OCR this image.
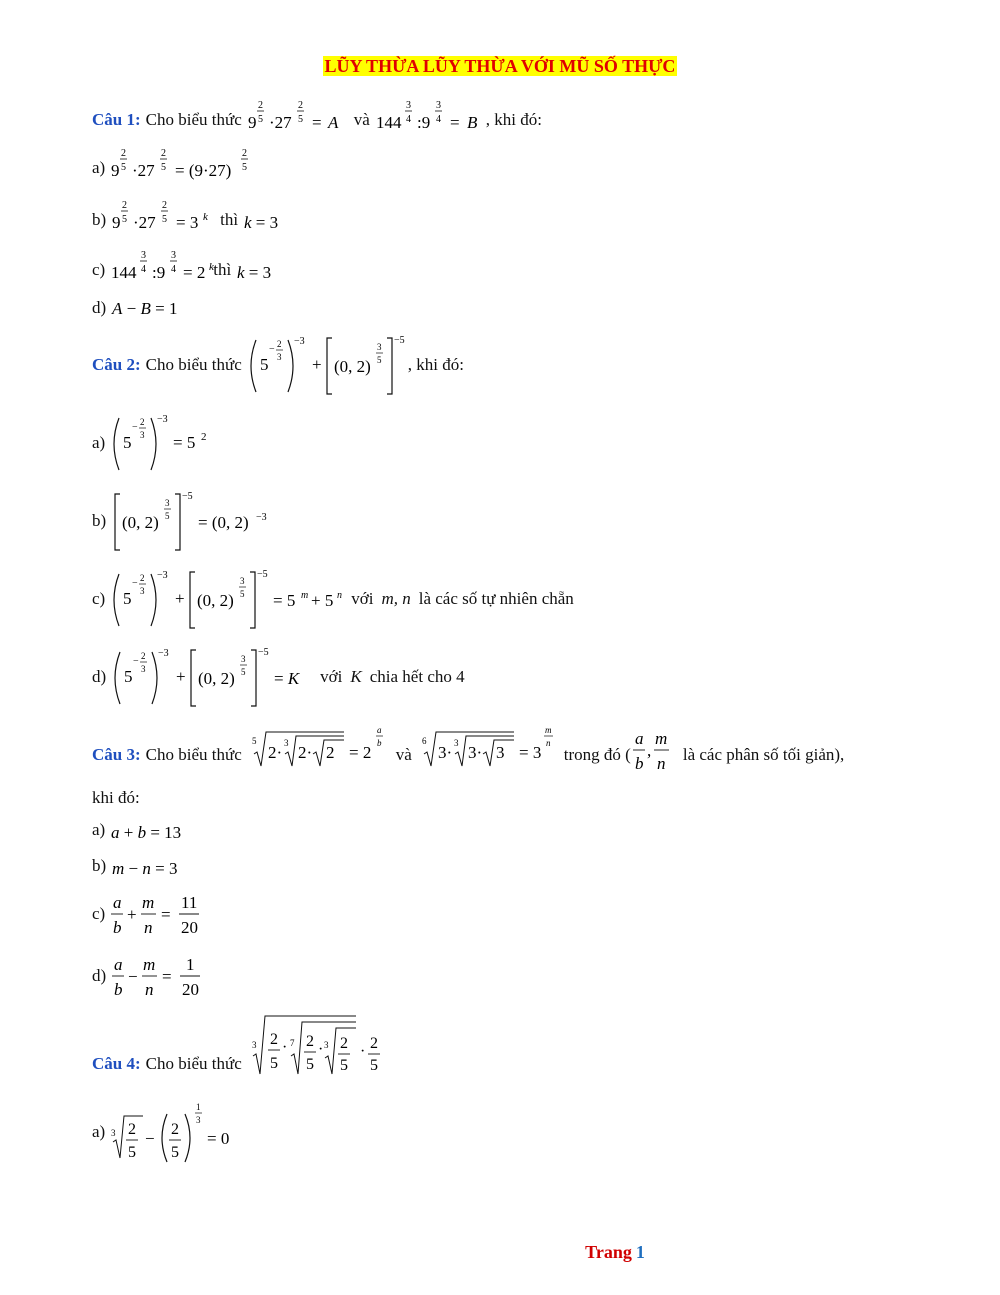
LŨY THỪA LŨY THỪA VỚI MŨ SỐ THỰC
Câu 1: Cho biểu thức 9
2
5 ·27
2
5 = A và 144
3
4 :9
3
4 = B , khi đó:
a) 9
2
5 ·27
2
5 = (9·27)
2
5
b) 9
2
5 ·27
2
5 = 3 k thì k = 3
c) 144
3
4 :9
3
4 = 2 k thì k = 3
d) A − B = 1
Câu 2: Cho biểu thức 5
− 2
3
−3
+ (0, 2)
3
5
−5
, khi đó:
a) 5
− 2
3
−3
= 5 2
b) (0, 2)
3
5
−5
= (0, 2) −3
c) 5
− 2
3
−3
+ (0, 2)
3
5
−5
= 5 m + 5 n với m, n là các số tự nhiên chẵn
d) 5
− 2
3
−3
+ (0, 2)
3
5
−5
= K với K chia hết cho 4
Câu 3: Cho biểu thức
5
2· 3 2· 2 = 2
a
b
và
6
3· 3 3· 3 = 3
m
n
trong đó (
a
b
,
m
n là các phân số tối giản),
khi đó:
a) a + b = 13
b) m − n = 3
c)
a
b
+
m
n
=
11
20
d)
a
b
−
m
n
=
1
20
Câu 4: Cho biểu thức
3 2
5
· 7 2
5
· 3 2
5
· 2
5
a) 3 2
5
− 2
5
1
3
= 0
Trang 1
